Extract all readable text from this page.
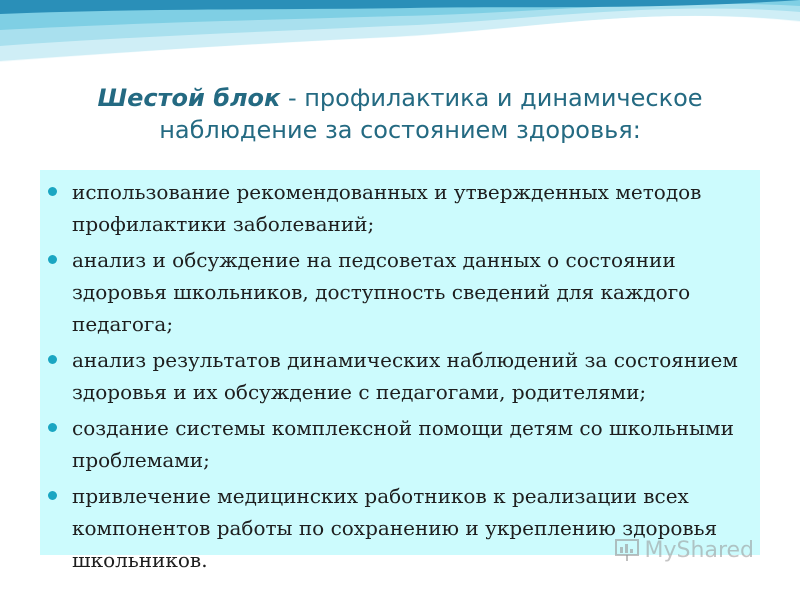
Шестой блок - профилактика и динамическое наблюдение за состоянием здоровья:
использование рекомендованных и утвержденных методов профилактики заболеваний;
анализ и обсуждение на педсоветах данных о состоянии здоровья школьников, доступность сведений для каждого педагога;
анализ результатов динамических наблюдений за состоянием здоровья и их обсуждение с педагогами, родителями;
создание системы комплексной помощи детям со школьными проблемами;
привлечение медицинских работников к реализации всех компонентов работы по сохранению и укреплению здоровья школьников.	MyShared
